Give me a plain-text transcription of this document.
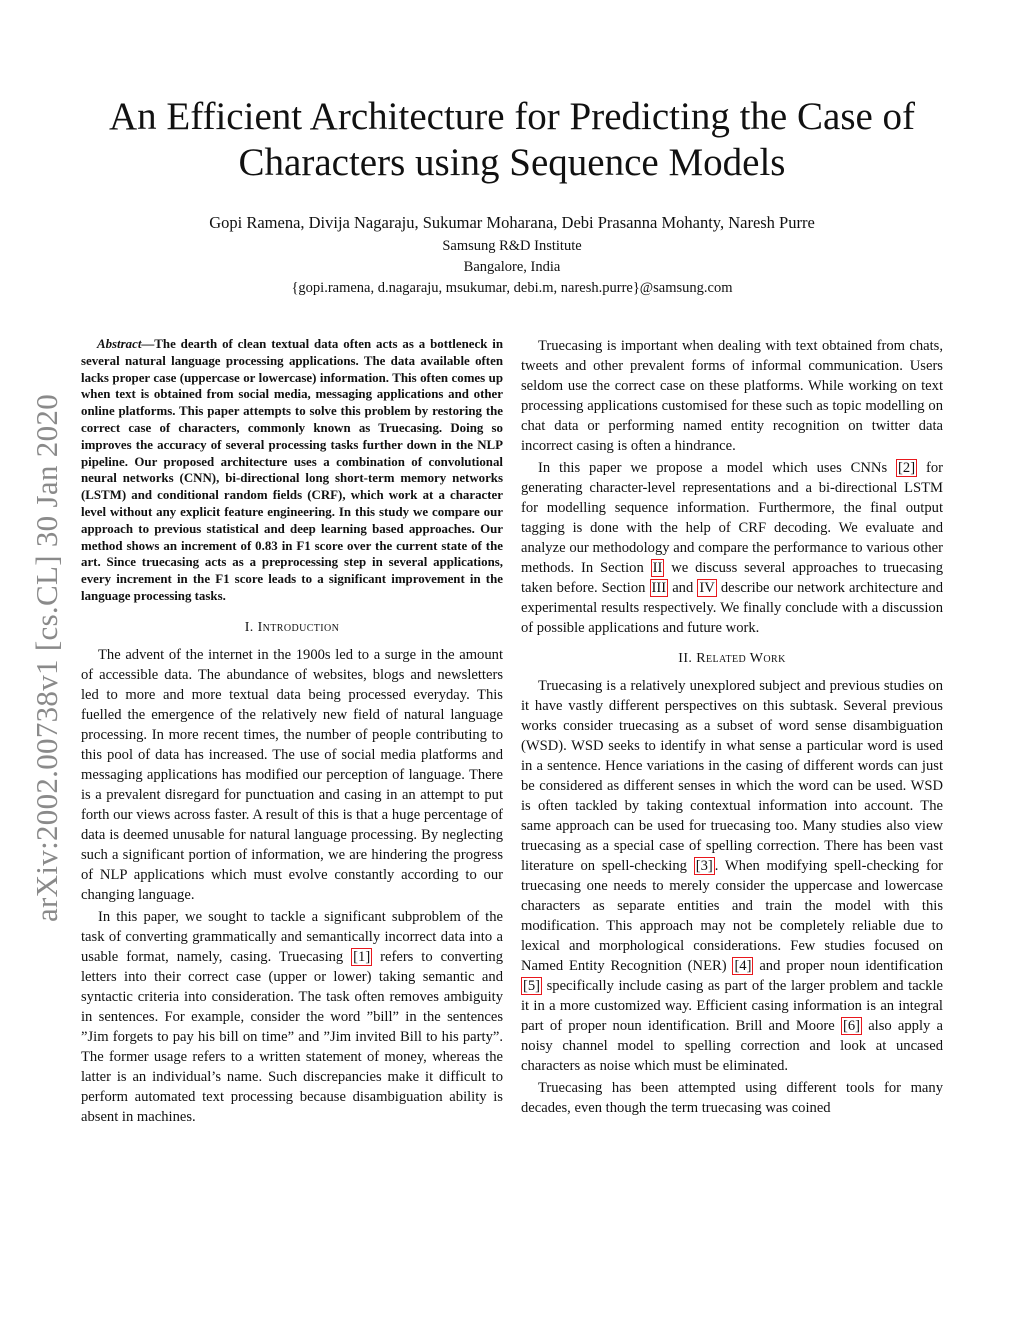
An Efficient Architecture for Predicting the Case of
Characters using Sequence Models
Gopi Ramena, Divija Nagaraju, Sukumar Moharana, Debi Prasanna Mohanty, Naresh Purre
Samsung R&D Institute
Bangalore, India
{gopi.ramena, d.nagaraju, msukumar, debi.m, naresh.purre}@samsung.com
arXiv:2002.00738v1 [cs.CL] 30 Jan 2020

Abstract—The dearth of clean textual data often acts as a bottleneck in several natural language processing applications. The data available often lacks proper case (uppercase or lowercase) information. This often comes up when text is obtained from social media, messaging applications and other online platforms. This paper attempts to solve this problem by restoring the correct case of characters, commonly known as Truecasing. Doing so improves the accuracy of several processing tasks further down in the NLP pipeline. Our proposed architecture uses a combination of convolutional neural networks (CNN), bi-directional long short-term memory networks (LSTM) and conditional random fields (CRF), which work at a character level without any explicit feature engineering. In this study we compare our approach to previous statistical and deep learning based approaches. Our method shows an increment of 0.83 in F1 score over the current state of the art. Since truecasing acts as a preprocessing step in several applications, every increment in the F1 score leads to a significant improvement in the language processing tasks.

I. Introduction

The advent of the internet in the 1900s led to a surge in the amount of accessible data. The abundance of websites, blogs and newsletters led to more and more textual data being processed everyday. This fuelled the emergence of the relatively new field of natural language processing. In more recent times, the number of people contributing to this pool of data has increased. The use of social media platforms and messaging applications has modified our perception of language. There is a prevalent disregard for punctuation and casing in an attempt to put forth our views across faster. A result of this is that a huge percentage of data is deemed unusable for natural language processing. By neglecting such a significant portion of information, we are hindering the progress of NLP applications which must evolve constantly according to our changing language.

In this paper, we sought to tackle a significant subproblem of the task of converting grammatically and semantically incorrect data into a usable format, namely, casing. Truecasing [1] refers to converting letters into their correct case (upper or lower) taking semantic and syntactic criteria into consideration. The task often removes ambiguity in sentences. For example, consider the word ”bill” in the sentences ”Jim forgets to pay his bill on time” and ”Jim invited Bill to his party”. The former usage refers to a written statement of money, whereas the latter is an individual’s name. Such discrepancies make it difficult to perform automated text processing because disambiguation ability is absent in machines.

Truecasing is important when dealing with text obtained from chats, tweets and other prevalent forms of informal communication. Users seldom use the correct case on these platforms. While working on text processing applications customised for these such as topic modelling on chat data or performing named entity recognition on twitter data incorrect casing is often a hindrance.

In this paper we propose a model which uses CNNs [2] for generating character-level representations and a bi-directional LSTM for modelling sequence information. Furthermore, the final output tagging is done with the help of CRF decoding. We evaluate and analyze our methodology and compare the performance to various other methods. In Section II we discuss several approaches to truecasing taken before. Section III and IV describe our network architecture and experimental results respectively. We finally conclude with a discussion of possible applications and future work.

II. Related Work

Truecasing is a relatively unexplored subject and previous studies on it have vastly different perspectives on this subtask. Several previous works consider truecasing as a subset of word sense disambiguation (WSD). WSD seeks to identify in what sense a particular word is used in a sentence. Hence variations in the casing of different words can just be considered as different senses in which the word can be used. WSD is often tackled by taking contextual information into account. The same approach can be used for truecasing too. Many studies also view truecasing as a special case of spelling correction. There has been vast literature on spell-checking [3] . When modifying spell-checking for truecasing one needs to merely consider the uppercase and lowercase characters as separate entities and train the model with this modification. This approach may not be completely reliable due to lexical and morphological considerations. Few studies focused on Named Entity Recognition (NER) [4] and proper noun identification [5] specifically include casing as part of the larger problem and tackle it in a more customized way. Efficient casing information is an integral part of proper noun identification. Brill and Moore [6] also apply a noisy channel model to spelling correction and look at uncased characters as noise which must be eliminated.

Truecasing has been attempted using different tools for many decades, even though the term truecasing was coined
